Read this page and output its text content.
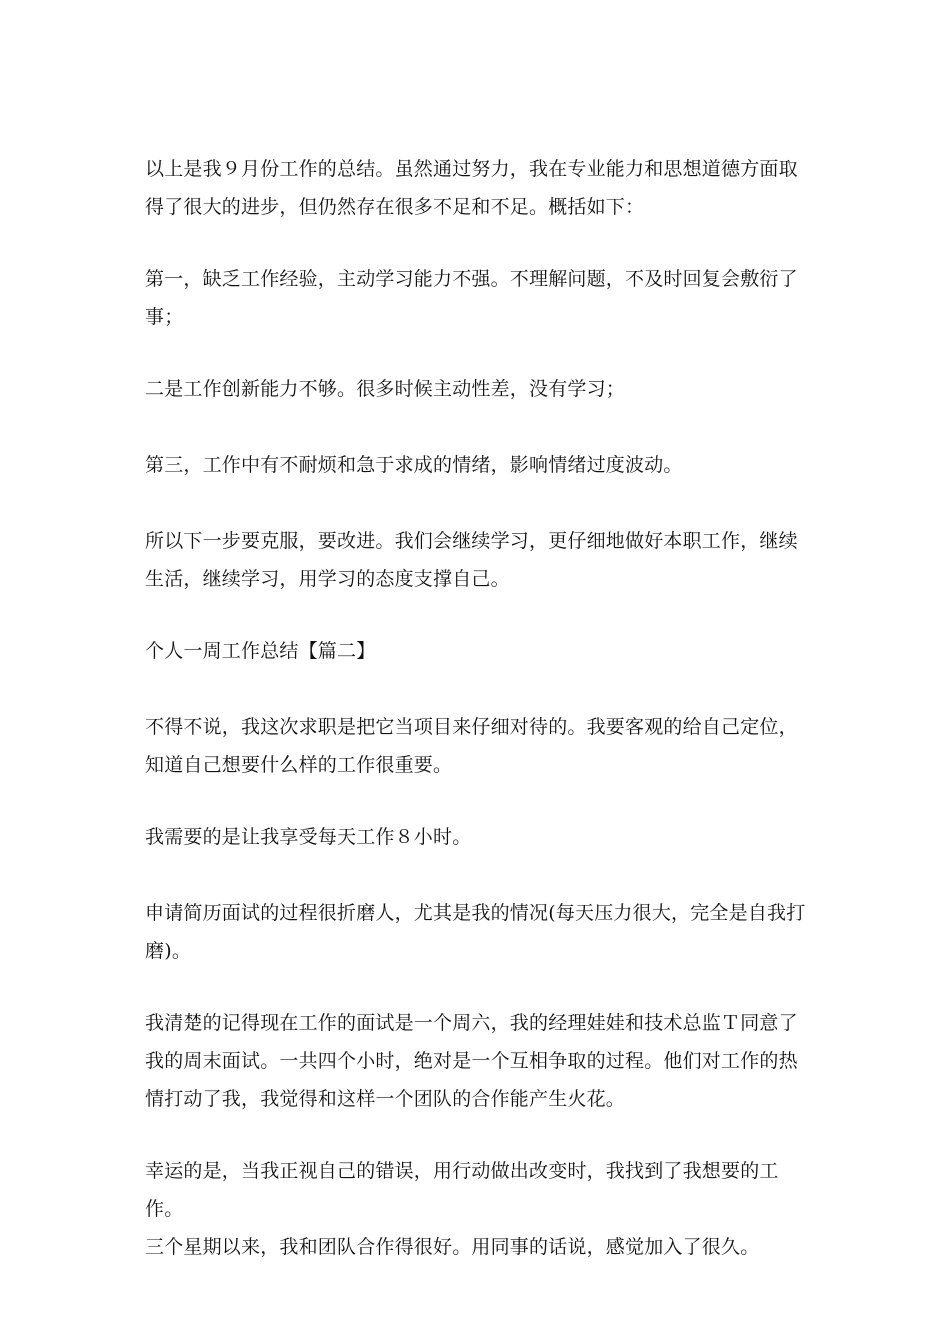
以上是我９月份工作的总结。虽然通过努力，我在专业能力和思想道德方面取
得了很大的进步，但仍然存在很多不足和不足。概括如下：

第一，缺乏工作经验，主动学习能力不强。不理解问题，不及时回复会敷衍了
事；

二是工作创新能力不够。很多时候主动性差，没有学习；

第三，工作中有不耐烦和急于求成的情绪，影响情绪过度波动。

所以下一步要克服，要改进。我们会继续学习，更仔细地做好本职工作，继续
生活，继续学习，用学习的态度支撑自己。

个人一周工作总结【篇二】

不得不说，我这次求职是把它当项目来仔细对待的。我要客观的给自己定位，
知道自己想要什么样的工作很重要。

我需要的是让我享受每天工作８小时。

申请简历面试的过程很折磨人，尤其是我的情况(每天压力很大，完全是自我打
磨)。

我清楚的记得现在工作的面试是一个周六，我的经理娃娃和技术总监Ｔ同意了
我的周末面试。一共四个小时，绝对是一个互相争取的过程。他们对工作的热
情打动了我，我觉得和这样一个团队的合作能产生火花。

幸运的是，当我正视自己的错误，用行动做出改变时，我找到了我想要的工作。
三个星期以来，我和团队合作得很好。用同事的话说，感觉加入了很久。
